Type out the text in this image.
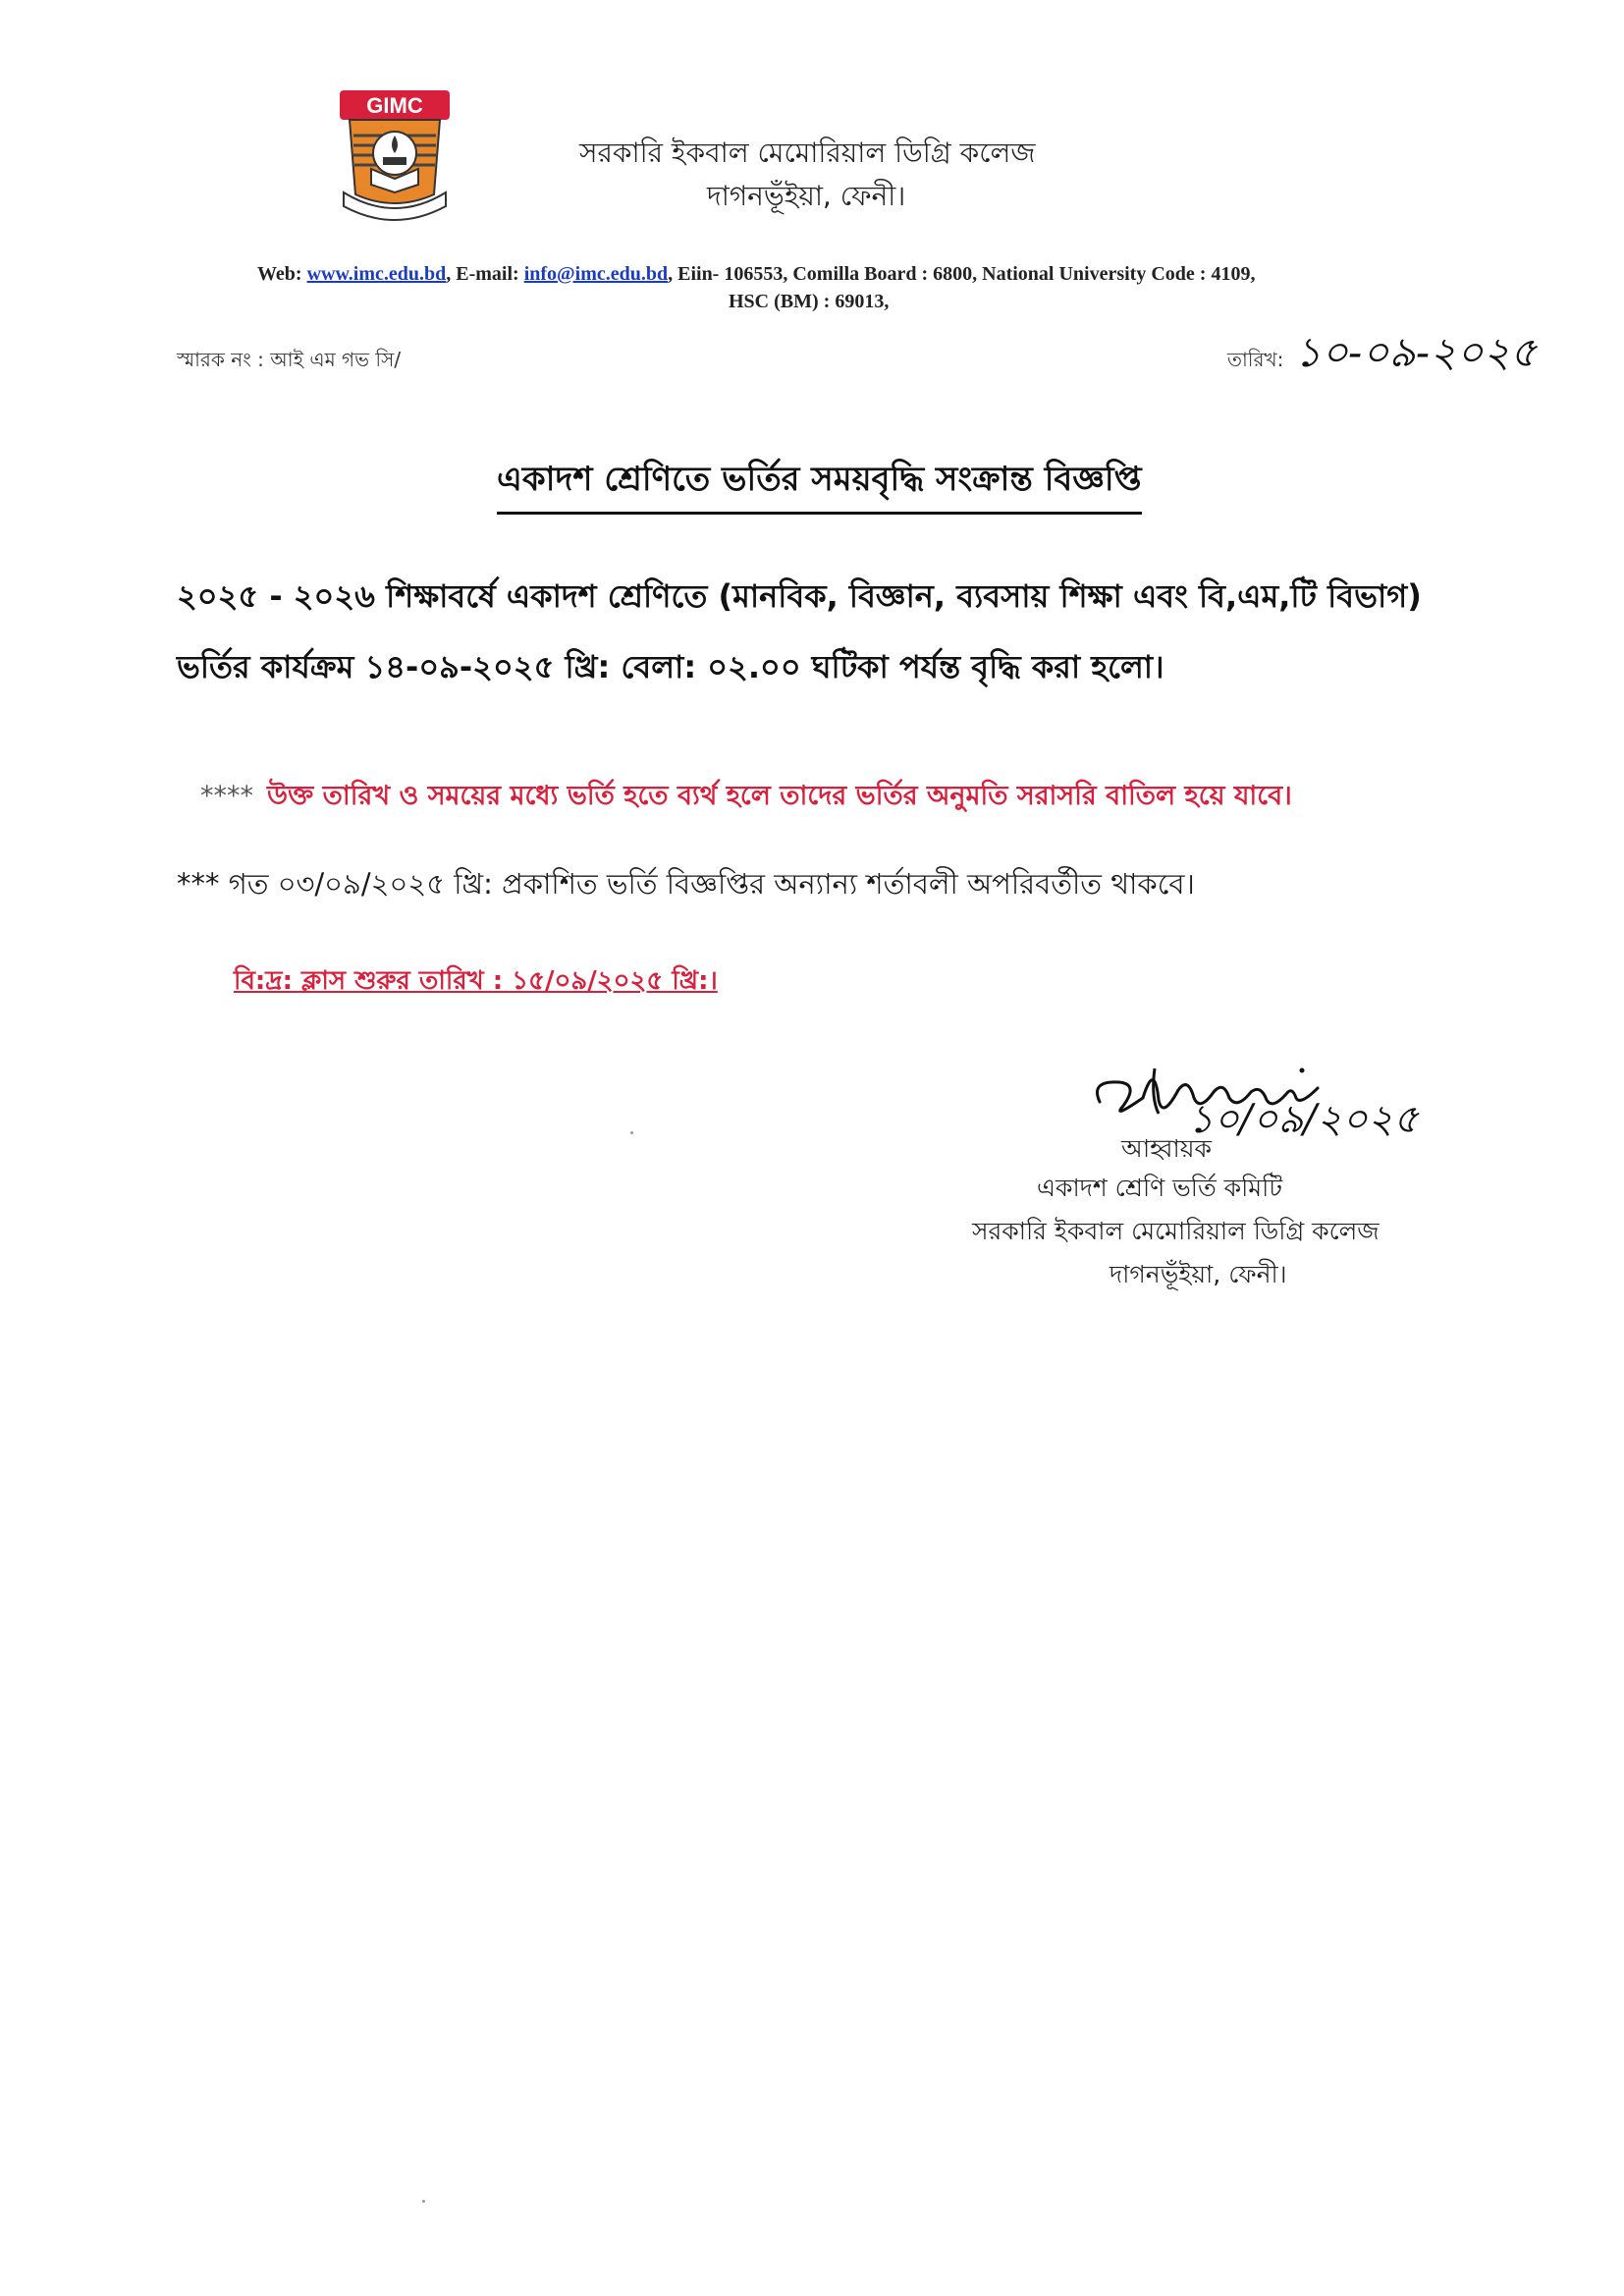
GIMC
সরকারি ইকবাল মেমোরিয়াল ডিগ্রি কলেজ
দাগনভূঁইয়া, ফেনী।
Web: www.imc.edu.bd, E-mail: info@imc.edu.bd, Eiin- 106553, Comilla Board : 6800, National University Code : 4109,
HSC (BM) : 69013,
স্মারক নং : আই এম গভ সি/	তারিখ: ১০-০৯-২০২৫
একাদশ শ্রেণিতে ভর্তির সময়বৃদ্ধি সংক্রান্ত বিজ্ঞপ্তি
২০২৫ - ২০২৬ শিক্ষাবর্ষে একাদশ শ্রেণিতে (মানবিক, বিজ্ঞান, ব্যবসায় শিক্ষা এবং বি,এম,টি বিভাগ)
ভর্তির কার্যক্রম ১৪-০৯-২০২৫ খ্রি: বেলা: ০২.০০ ঘটিকা পর্যন্ত বৃদ্ধি করা হলো।
**** উক্ত তারিখ ও সময়ের মধ্যে ভর্তি হতে ব্যর্থ হলে তাদের ভর্তির অনুমতি সরাসরি বাতিল হয়ে যাবে।
*** গত ০৩/০৯/২০২৫ খ্রি: প্রকাশিত ভর্তি বিজ্ঞপ্তির অন্যান্য শর্তাবলী অপরিবর্তীত থাকবে।
বি:দ্র: ক্লাস শুরুর তারিখ : ১৫/০৯/২০২৫ খ্রি:।
১০/০৯/২০২৫
আহ্বায়ক
একাদশ শ্রেণি ভর্তি কমিটি
সরকারি ইকবাল মেমোরিয়াল ডিগ্রি কলেজ
দাগনভূঁইয়া, ফেনী।
